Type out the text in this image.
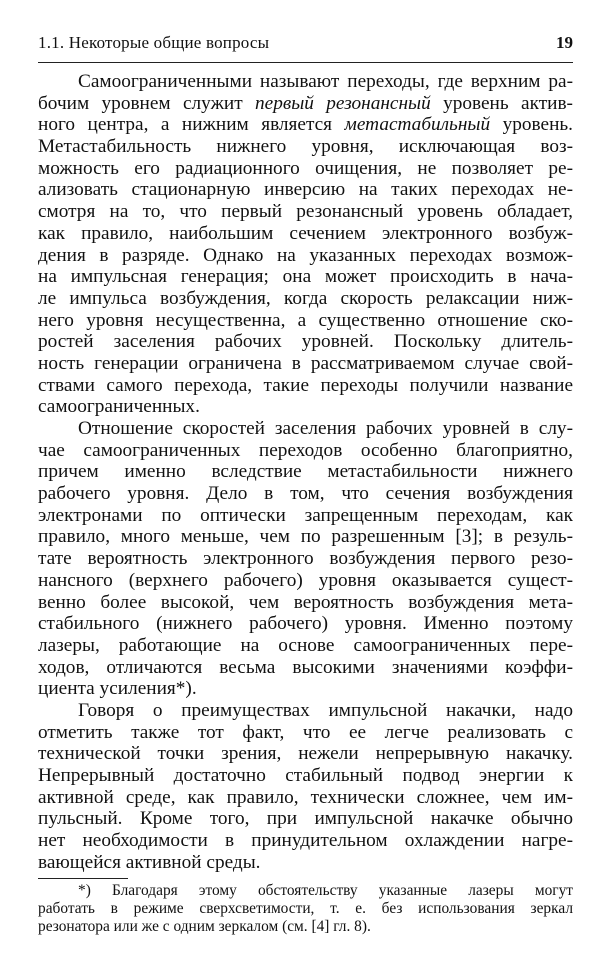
1.1. Некоторые общие вопросы	19
Самоограниченными называют переходы, где верхним ра-
бочим уровнем служит первый резонансный уровень актив-
ного центра, а нижним является метастабильный уровень.
Метастабильность нижнего уровня, исключающая воз-
можность его радиационного очищения, не позволяет ре-
ализовать стационарную инверсию на таких переходах не-
смотря на то, что первый резонансный уровень обладает,
как правило, наибольшим сечением электронного возбуж-
дения в разряде. Однако на указанных переходах возмож-
на импульсная генерация; она может происходить в нача-
ле импульса возбуждения, когда скорость релаксации ниж-
него уровня несущественна, а существенно отношение ско-
ростей заселения рабочих уровней. Поскольку длитель-
ность генерации ограничена в рассматриваемом случае свой-
ствами самого перехода, такие переходы получили название
самоограниченных.
Отношение скоростей заселения рабочих уровней в слу-
чае самоограниченных переходов особенно благоприятно,
причем именно вследствие метастабильности нижнего
рабочего уровня. Дело в том, что сечения возбуждения
электронами по оптически запрещенным переходам, как
правило, много меньше, чем по разрешенным [3]; в резуль-
тате вероятность электронного возбуждения первого резо-
нансного (верхнего рабочего) уровня оказывается сущест-
венно более высокой, чем вероятность возбуждения мета-
стабильного (нижнего рабочего) уровня. Именно поэтому
лазеры, работающие на основе самоограниченных пере-
ходов, отличаются весьма высокими значениями коэффи-
циента усиления*).
Говоря о преимуществах импульсной накачки, надо
отметить также тот факт, что ее легче реализовать с
технической точки зрения, нежели непрерывную накачку.
Непрерывный достаточно стабильный подвод энергии к
активной среде, как правило, технически сложнее, чем им-
пульсный. Кроме того, при импульсной накачке обычно
нет необходимости в принудительном охлаждении нагре-
вающейся активной среды.
*) Благодаря этому обстоятельству указанные лазеры могут
работать в режиме сверхсветимости, т. е. без использования зеркал
резонатора или же с одним зеркалом (см. [4] гл. 8).
